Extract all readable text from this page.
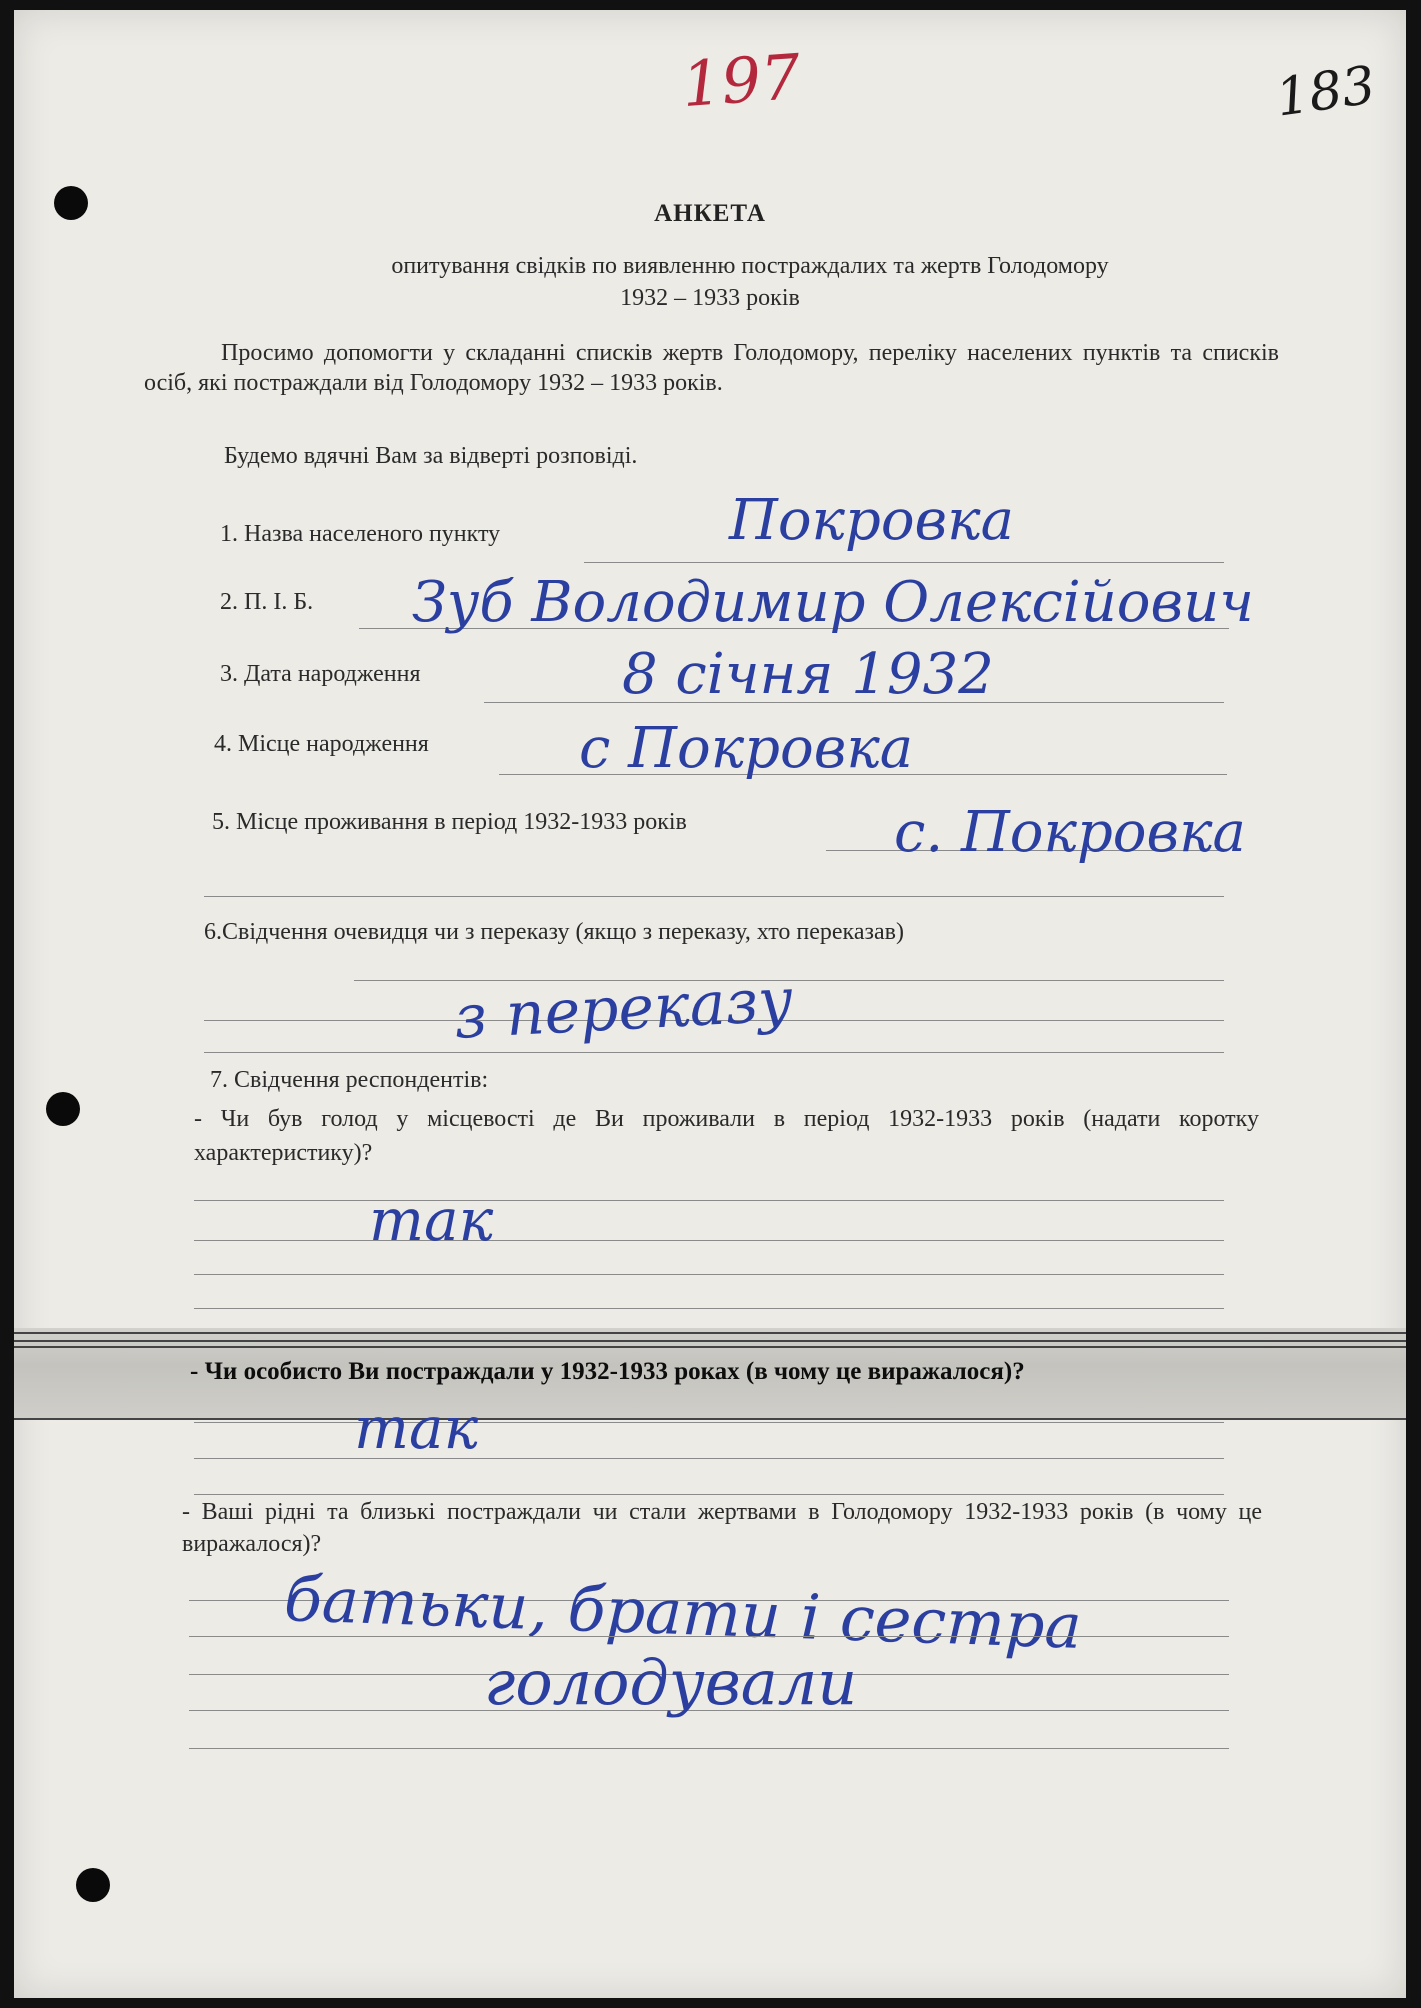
197	183
АНКЕТА
опитування свідків по виявленню постраждалих та жертв Голодомору
1932 – 1933 років
Просимо допомогти у складанні списків жертв Голодомору, переліку населених пунктів та списків осіб, які постраждали від Голодомору 1932 – 1933 років.
Будемо вдячні Вам за відверті розповіді.
1. Назва населеного пункту	Покровка
2. П. І. Б. Зуб Володимир Олексійович
3. Дата народження	8 січня 1932
4. Місце народження	с Покровка
5. Місце проживання в період 1932-1933 років	с. Покровка
6.Свідчення очевидця чи з переказу (якщо з переказу, хто переказав)
з переказу
7. Свідчення респондентів:
- Чи був голод у місцевості де Ви проживали в період 1932-1933 років (надати коротку характеристику)?
так
- Чи особисто Ви постраждали у 1932-1933 роках (в чому це виражалося)?
так
- Ваші рідні та близькі постраждали чи стали жертвами в Голодомору 1932-1933 років (в чому це виражалося)?
батьки, брати і сестра
голодували
